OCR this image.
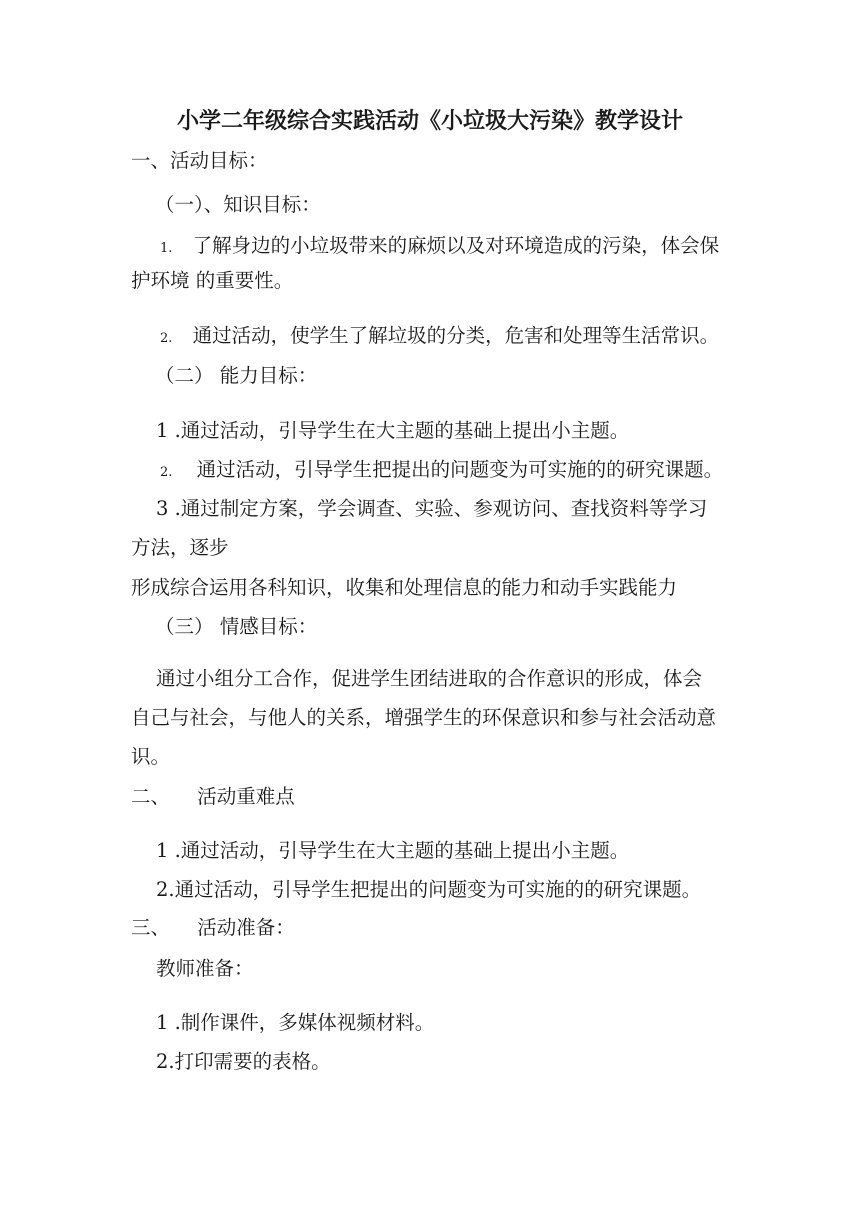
小学二年级综合实践活动《小垃圾大污染》教学设计
一、活动目标：
（一）、知识目标：
1. 了解身边的小垃圾带来的麻烦以及对环境造成的污染，体会保
护环境 的重要性。
2. 通过活动，使学生了解垃圾的分类，危害和处理等生活常识。
（二） 能力目标：
1 .通过活动，引导学生在大主题的基础上提出小主题。
2. 通过活动，引导学生把提出的问题变为可实施的的研究课题。
3 .通过制定方案，学会调查、实验、参观访问、查找资料等学习
方法，逐步
形成综合运用各科知识，收集和处理信息的能力和动手实践能力
（三） 情感目标：
通过小组分工合作，促进学生团结进取的合作意识的形成，体会
自己与社会，与他人的关系，增强学生的环保意识和参与社会活动意
识。
二、 活动重难点
1 .通过活动，引导学生在大主题的基础上提出小主题。
2.通过活动，引导学生把提出的问题变为可实施的的研究课题。
三、 活动准备：
教师准备：
1 .制作课件，多媒体视频材料。
2.打印需要的表格。
